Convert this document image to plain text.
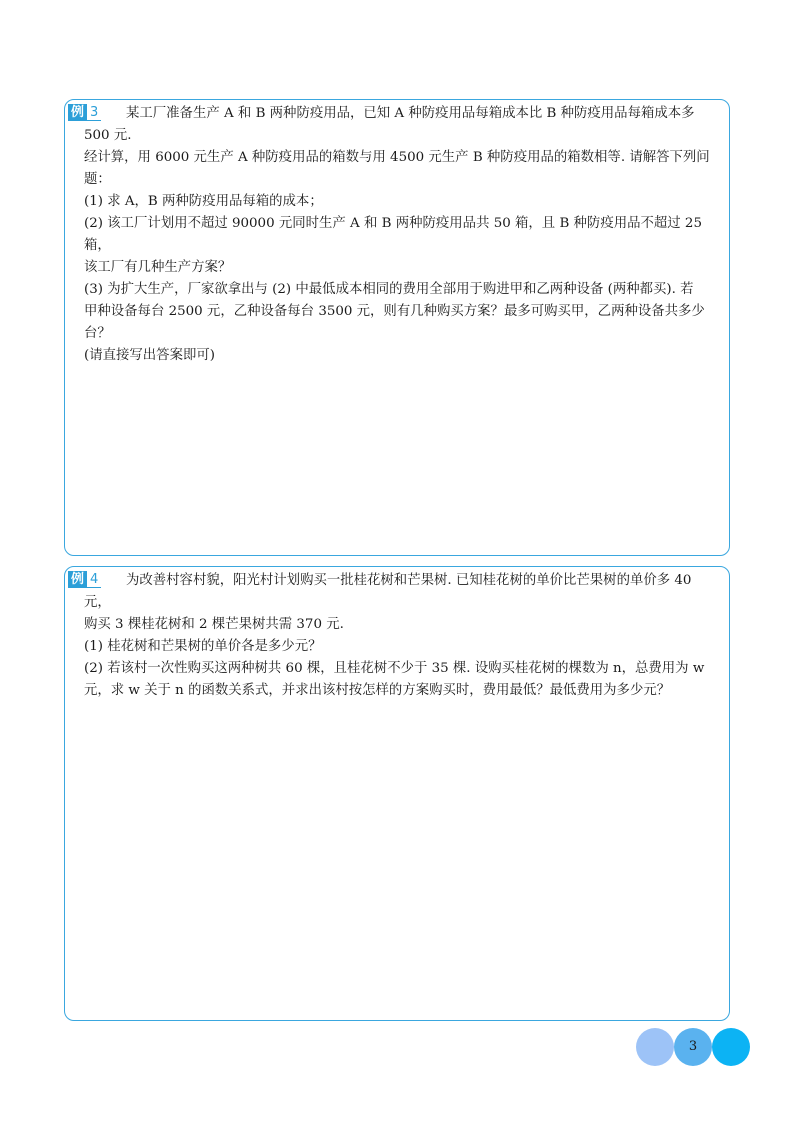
例 3	某工厂准备生产 A 和 B 两种防疫用品，已知 A 种防疫用品每箱成本比 B 种防疫用品每箱成本多 500 元.

经计算，用 6000 元生产 A 种防疫用品的箱数与用 4500 元生产 B 种防疫用品的箱数相等. 请解答下列问

题：

(1) 求 A，B 两种防疫用品每箱的成本；

(2) 该工厂计划用不超过 90000 元同时生产 A 和 B 两种防疫用品共 50 箱，且 B 种防疫用品不超过 25 箱，

该工厂有几种生产方案？

(3) 为扩大生产，厂家欲拿出与 (2) 中最低成本相同的费用全部用于购进甲和乙两种设备 (两种都买). 若

甲种设备每台 2500 元，乙种设备每台 3500 元，则有几种购买方案？最多可购买甲，乙两种设备共多少台？

(请直接写出答案即可)

例 4	为改善村容村貌，阳光村计划购买一批桂花树和芒果树. 已知桂花树的单价比芒果树的单价多 40 元，

购买 3 棵桂花树和 2 棵芒果树共需 370 元.

(1) 桂花树和芒果树的单价各是多少元？

(2) 若该村一次性购买这两种树共 60 棵，且桂花树不少于 35 棵. 设购买桂花树的棵数为 n，总费用为 w

元，求 w 关于 n 的函数关系式，并求出该村按怎样的方案购买时，费用最低？最低费用为多少元？

3
